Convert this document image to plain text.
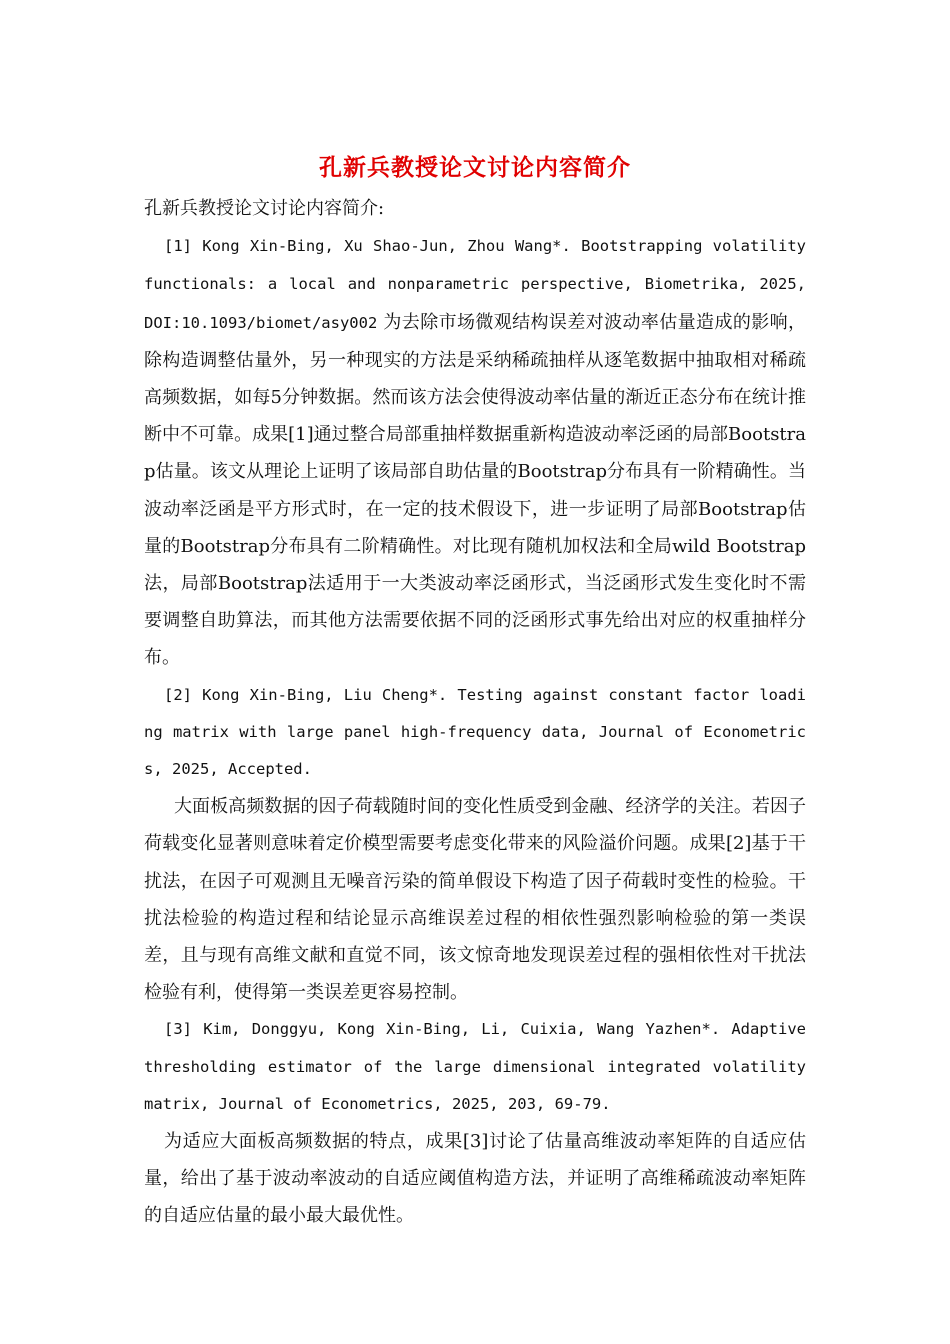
孔新兵教授论文讨论内容简介

孔新兵教授论文讨论内容简介:

[1] Kong Xin-Bing, Xu Shao-Jun, Zhou Wang*. Bootstrapping volatility functionals: a local and nonparametric perspective, Biometrika, 2025, DOI:10.1093/biomet/asy002

为去除市场微观结构误差对波动率估量造成的影响，除构造调整估量外，另一种现实的方法是采纳稀疏抽样从逐笔数据中抽取相对稀疏高频数据，如每5分钟数据。然而该方法会使得波动率估量的渐近正态分布在统计推断中不可靠。成果[1]通过整合局部重抽样数据重新构造波动率泛函的局部Bootstrap估量。该文从理论上证明了该局部自助估量的Bootstrap分布具有一阶精确性。当波动率泛函是平方形式时，在一定的技术假设下，进一步证明了局部Bootstrap估量的Bootstrap分布具有二阶精确性。对比现有随机加权法和全局wild Bootstrap法，局部Bootstrap法适用于一大类波动率泛函形式，当泛函形式发生变化时不需要调整自助算法，而其他方法需要依据不同的泛函形式事先给出对应的权重抽样分布。

[2] Kong Xin-Bing, Liu Cheng*. Testing against constant factor loading matrix with large panel high-frequency data, Journal of Econometrics, 2025, Accepted.

大面板高频数据的因子荷载随时间的变化性质受到金融、经济学的关注。若因子荷载变化显著则意味着定价模型需要考虑变化带来的风险溢价问题。成果[2]基于干扰法，在因子可观测且无噪音污染的简单假设下构造了因子荷载时变性的检验。干扰法检验的构造过程和结论显示高维误差过程的相依性强烈影响检验的第一类误差，且与现有高维文献和直觉不同，该文惊奇地发现误差过程的强相依性对干扰法检验有利，使得第一类误差更容易控制。

[3] Kim, Donggyu, Kong Xin-Bing, Li, Cuixia, Wang Yazhen*. Adaptive thresholding estimator of the large dimensional integrated volatility matrix, Journal of Econometrics, 2025, 203, 69-79.

为适应大面板高频数据的特点，成果[3]讨论了估量高维波动率矩阵的自适应估量，给出了基于波动率波动的自适应阈值构造方法，并证明了高维稀疏波动率矩阵的自适应估量的最小最大最优性。
